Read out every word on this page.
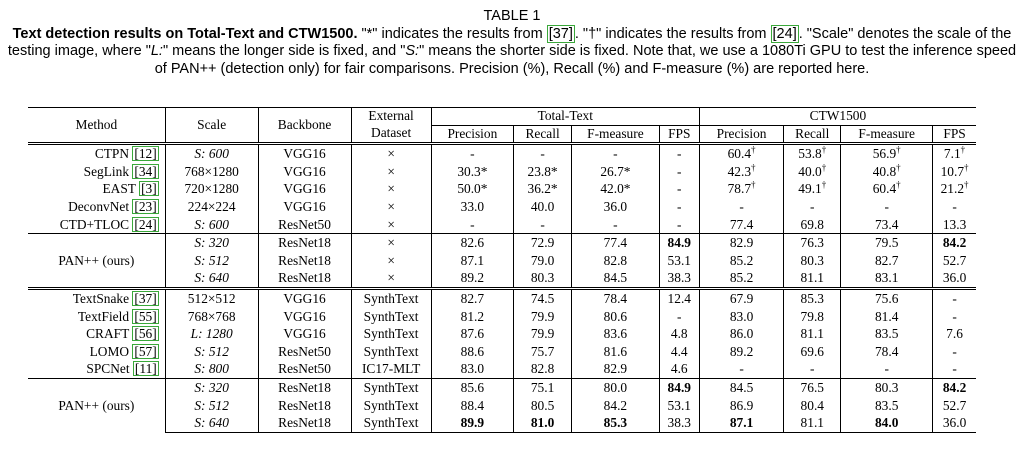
TABLE 1
Text detection results on Total-Text and CTW1500. "*" indicates the results from [37] . "†" indicates the results from [24] . "Scale" denotes the scale of the testing image, where "L:" means the longer side is fixed, and "S:" means the shorter side is fixed. Note that, we use a 1080Ti GPU to test the inference speed of PAN++ (detection only) for fair comparisons. Precision (%), Recall (%) and F-measure (%) are reported here.
Method	Scale	Backbone	External	Total-Text				CTW1500			
			Dataset	Precision	Recall	F-measure	FPS	Precision	Recall	F-measure	FPS
CTPN [12]	S: 600	VGG16	×	-	-	-	-	60.4†	53.8†	56.9†	7.1†
SegLink [34]	768×1280	VGG16	×	30.3*	23.8*	26.7*	-	42.3†	40.0†	40.8†	10.7†
EAST [3]	720×1280	VGG16	×	50.0*	36.2*	42.0*	-	78.7†	49.1†	60.4†	21.2†
DeconvNet [23]	224×224	VGG16	×	33.0	40.0	36.0	-	-	-	-	-
CTD+TLOC [24]	S: 600	ResNet50	×	-	-	-	-	77.4	69.8	73.4	13.3
PAN++ (ours)	S: 320	ResNet18	×	82.6	72.9	77.4	84.9	82.9	76.3	79.5	84.2
	S: 512	ResNet18	×	87.1	79.0	82.8	53.1	85.2	80.3	82.7	52.7
	S: 640	ResNet18	×	89.2	80.3	84.5	38.3	85.2	81.1	83.1	36.0
TextSnake [37]	512×512	VGG16	SynthText	82.7	74.5	78.4	12.4	67.9	85.3	75.6	-
TextField [55]	768×768	VGG16	SynthText	81.2	79.9	80.6	-	83.0	79.8	81.4	-
CRAFT [56]	L: 1280	VGG16	SynthText	87.6	79.9	83.6	4.8	86.0	81.1	83.5	7.6
LOMO [57]	S: 512	ResNet50	SynthText	88.6	75.7	81.6	4.4	89.2	69.6	78.4	-
SPCNet [11]	S: 800	ResNet50	IC17-MLT	83.0	82.8	82.9	4.6	-	-	-	-
PAN++ (ours)	S: 320	ResNet18	SynthText	85.6	75.1	80.0	84.9	84.5	76.5	80.3	84.2
	S: 512	ResNet18	SynthText	88.4	80.5	84.2	53.1	86.9	80.4	83.5	52.7
	S: 640	ResNet18	SynthText	89.9	81.0	85.3	38.3	87.1	81.1	84.0	36.0
